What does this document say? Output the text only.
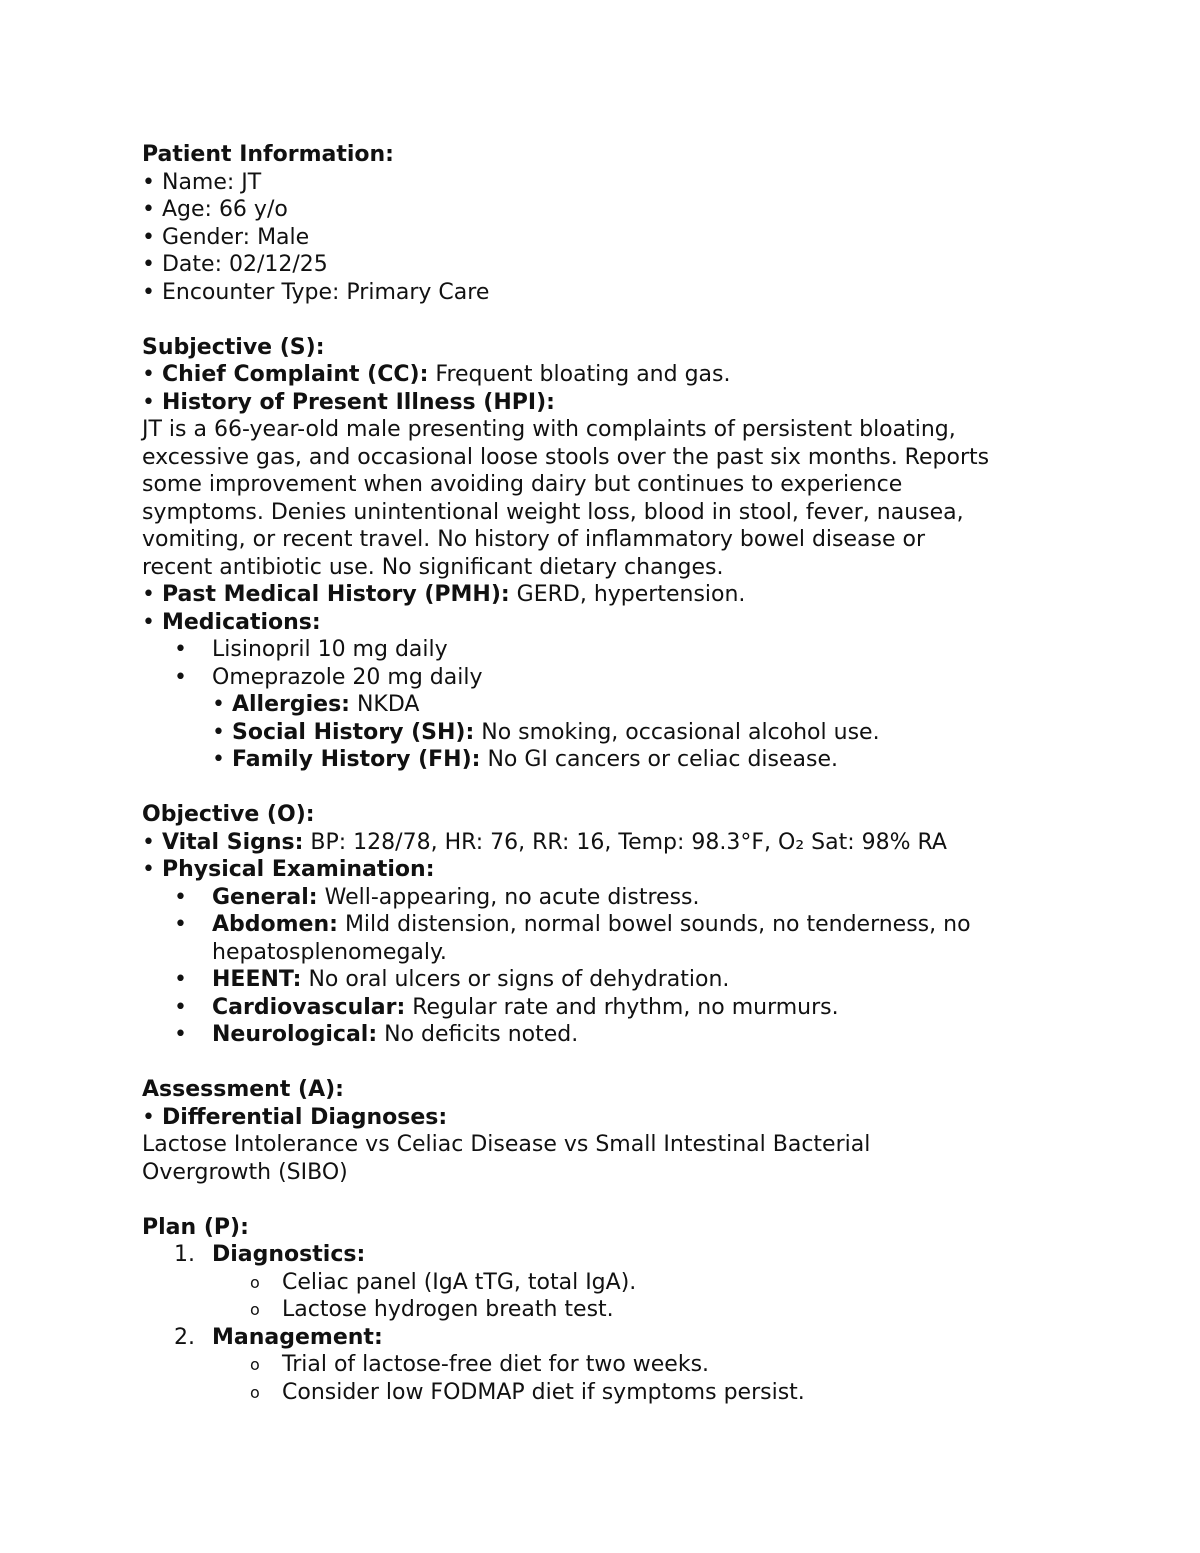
Patient Information:
• Name: JT
• Age: 66 y/o
• Gender: Male
• Date: 02/12/25
• Encounter Type: Primary Care
Subjective (S):
• Chief Complaint (CC): Frequent bloating and gas.
• History of Present Illness (HPI):
JT is a 66-year-old male presenting with complaints of persistent bloating,
excessive gas, and occasional loose stools over the past six months. Reports
some improvement when avoiding dairy but continues to experience
symptoms. Denies unintentional weight loss, blood in stool, fever, nausea,
vomiting, or recent travel. No history of inflammatory bowel disease or
recent antibiotic use. No significant dietary changes.
• Past Medical History (PMH): GERD, hypertension.
• Medications:
• Lisinopril 10 mg daily
• Omeprazole 20 mg daily
• Allergies: NKDA
• Social History (SH): No smoking, occasional alcohol use.
• Family History (FH): No GI cancers or celiac disease.
Objective (O):
• Vital Signs: BP: 128/78, HR: 76, RR: 16, Temp: 98.3°F, O₂ Sat: 98% RA
• Physical Examination:
• General: Well-appearing, no acute distress.
• Abdomen: Mild distension, normal bowel sounds, no tenderness, no
hepatosplenomegaly.
• HEENT: No oral ulcers or signs of dehydration.
• Cardiovascular: Regular rate and rhythm, no murmurs.
• Neurological: No deficits noted.
Assessment (A):
• Differential Diagnoses:
Lactose Intolerance vs Celiac Disease vs Small Intestinal Bacterial
Overgrowth (SIBO)
Plan (P):
1. Diagnostics:
o Celiac panel (IgA tTG, total IgA).
o Lactose hydrogen breath test.
2. Management:
o Trial of lactose-free diet for two weeks.
o Consider low FODMAP diet if symptoms persist.
